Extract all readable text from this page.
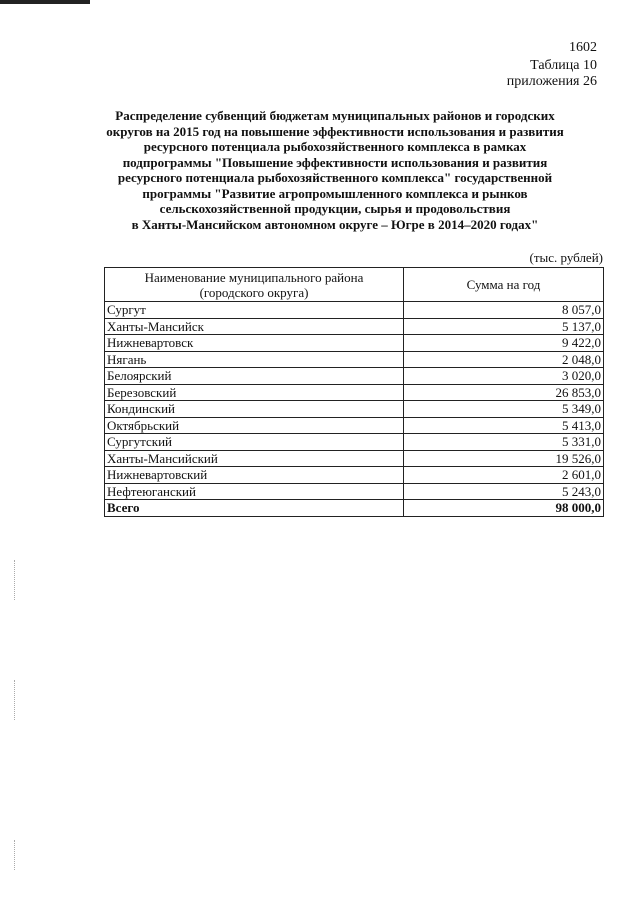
1602
Таблица 10
приложения 26
Распределение субвенций бюджетам муниципальных районов и городских
округов на 2015 год на повышение эффективности использования и развития
ресурсного потенциала рыбохозяйственного комплекса в рамках
подпрограммы "Повышение эффективности использования и развития
ресурсного потенциала рыбохозяйственного комплекса" государственной
программы "Развитие агропромышленного комплекса и рынков
сельскохозяйственной продукции, сырья и продовольствия
в Ханты-Мансийском автономном округе – Югре в 2014–2020 годах"
(тыс. рублей)
Наименование муниципального района
(городского округа)	Сумма на год
Сургут	8 057,0
Ханты-Мансийск	5 137,0
Нижневартовск	9 422,0
Нягань	2 048,0
Белоярский	3 020,0
Березовский	26 853,0
Кондинский	5 349,0
Октябрьский	5 413,0
Сургутский	5 331,0
Ханты-Мансийский	19 526,0
Нижневартовский	2 601,0
Нефтеюганский	5 243,0
Всего	98 000,0
